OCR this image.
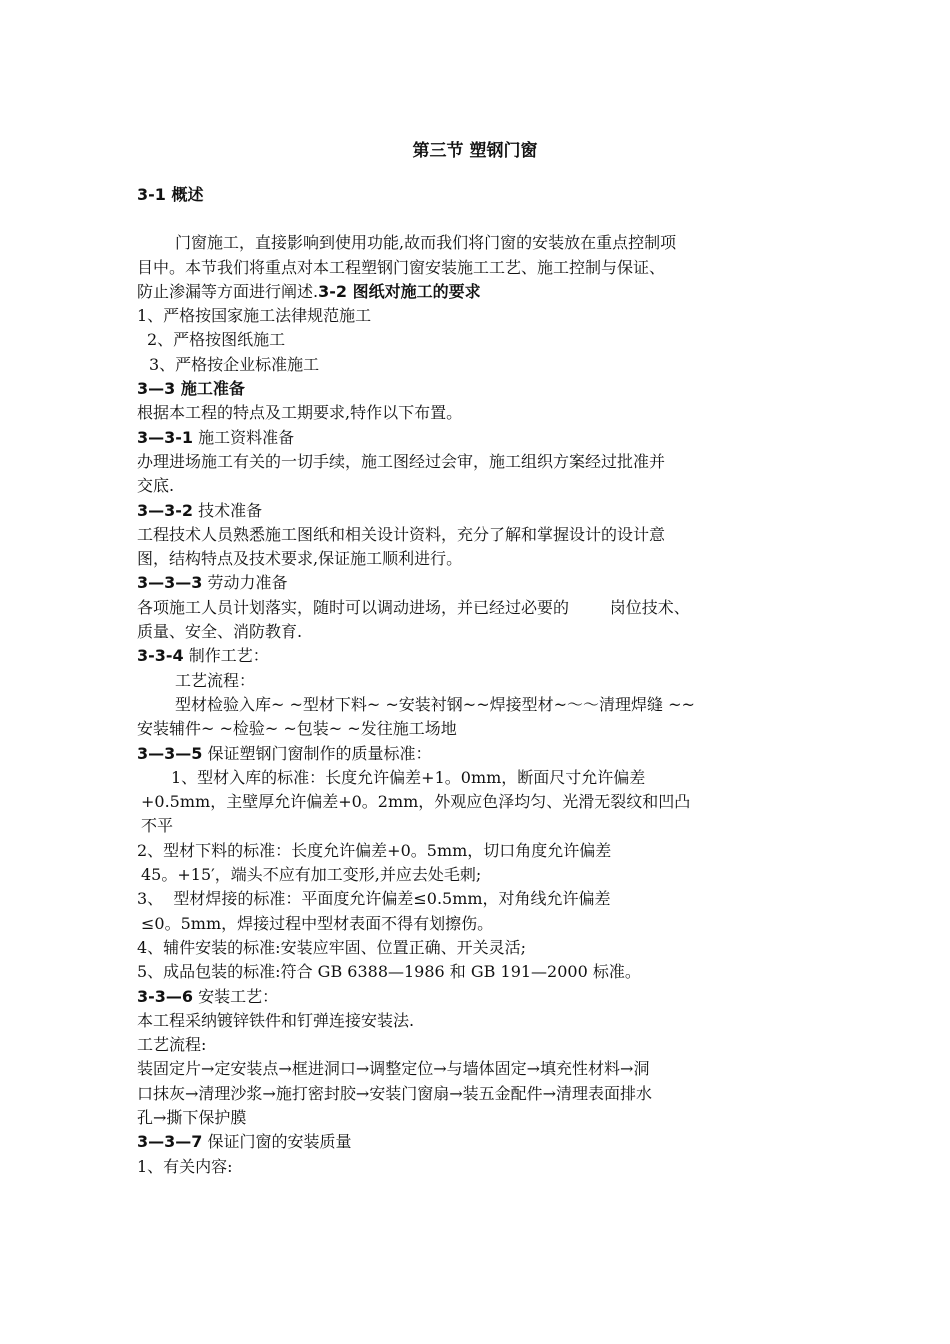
第三节 塑钢门窗
3-1 概述
门窗施工，直接影响到使用功能,故而我们将门窗的安装放在重点控制项
目中。本节我们将重点对本工程塑钢门窗安装施工工艺、施工控制与保证、
防止渗漏等方面进行阐述.3-2 图纸对施工的要求
1、严格按国家施工法律规范施工
2、严格按图纸施工
3、严格按企业标准施工
3—3 施工准备
根据本工程的特点及工期要求,特作以下布置。
3—3-1 施工资料准备
办理进场施工有关的一切手续，施工图经过会审，施工组织方案经过批准并
交底.
3—3-2 技术准备
工程技术人员熟悉施工图纸和相关设计资料，充分了解和掌握设计的设计意
图，结构特点及技术要求,保证施工顺利进行。
3—3—3 劳动力准备
各项施工人员计划落实，随时可以调动进场，并已经过必要的        岗位技术、
质量、安全、消防教育.
3-3-4 制作工艺：
工艺流程：
型材检验入库~ ~型材下料~ ~安装衬钢~~焊接型材~～～清理焊缝 ~~
安装辅件~ ~检验~ ~包装~ ~发往施工场地
3—3—5 保证塑钢门窗制作的质量标准：
1、型材入库的标准：长度允许偏差+1。0mm，断面尺寸允许偏差
+0.5mm，主壁厚允许偏差+0。2mm，外观应色泽均匀、光滑无裂纹和凹凸
不平
2、型材下料的标准：长度允许偏差+0。5mm，切口角度允许偏差
45。+15′，端头不应有加工变形,并应去处毛刺;
3、  型材焊接的标准：平面度允许偏差≤0.5mm，对角线允许偏差
≤0。5mm，焊接过程中型材表面不得有划擦伤。
4、辅件安装的标准:安装应牢固、位置正确、开关灵活;
5、成品包装的标准:符合 GB 6388—1986 和 GB 191—2000 标准。
3-3—6 安装工艺：
本工程采纳镀锌铁件和钉弹连接安装法.
工艺流程:
装固定片→定安装点→框进洞口→调整定位→与墙体固定→填充性材料→洞
口抹灰→清理沙浆→施打密封胶→安装门窗扇→装五金配件→清理表面排水
孔→撕下保护膜
3—3—7 保证门窗的安装质量
1、有关内容:
